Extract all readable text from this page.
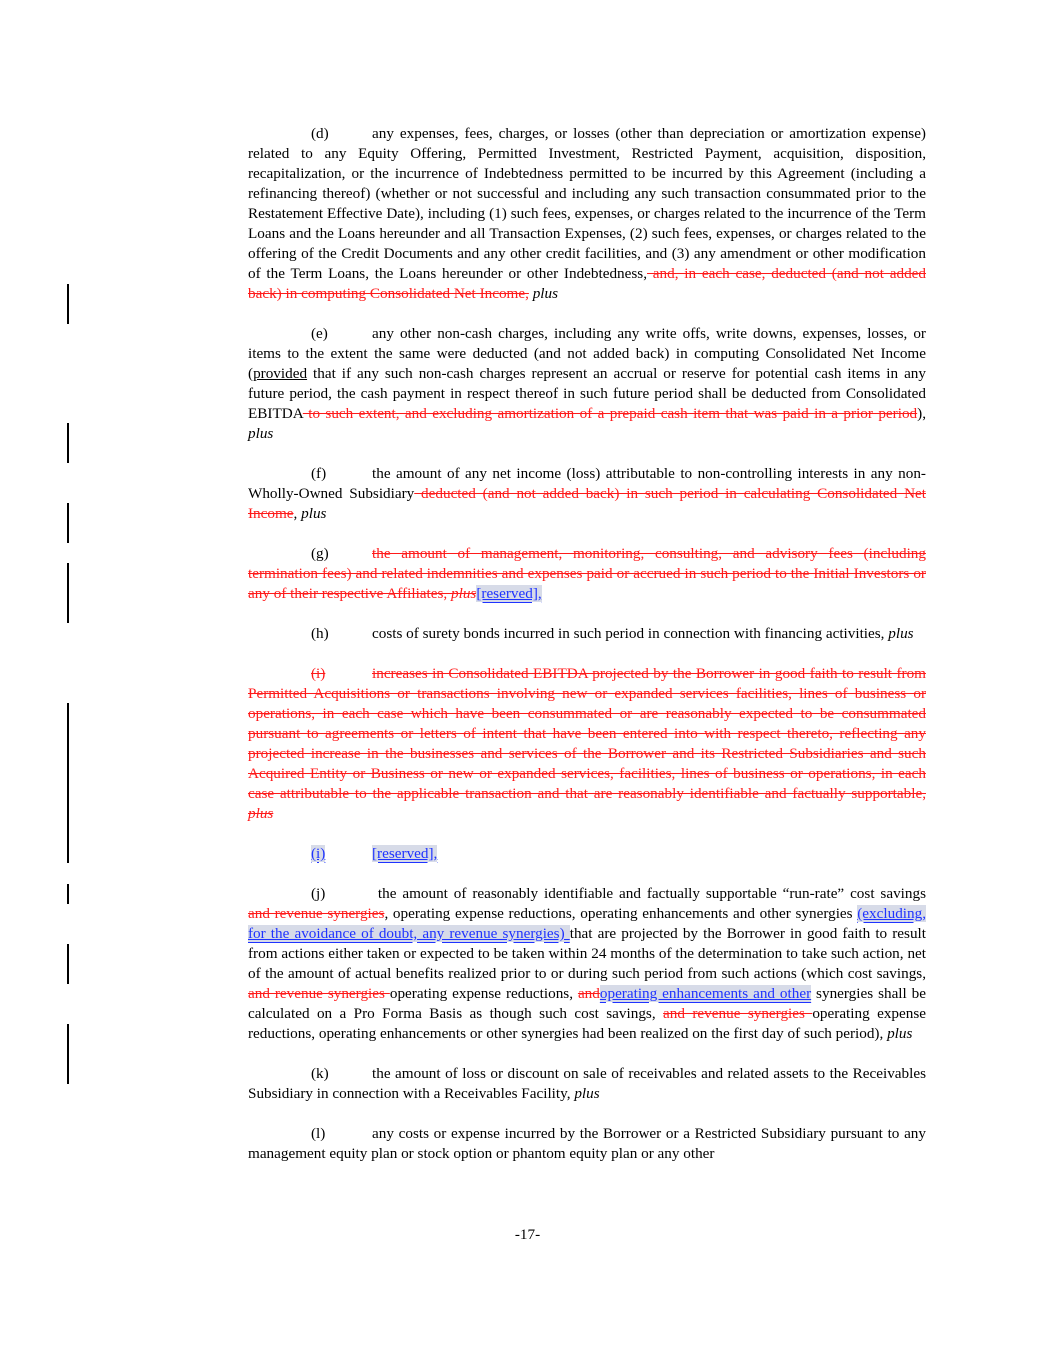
(d)	any expenses, fees, charges, or losses (other than depreciation or amortization expense) related to any Equity Offering, Permitted Investment, Restricted Payment, acquisition, disposition, recapitalization, or the incurrence of Indebtedness permitted to be incurred by this Agreement (including a refinancing thereof) (whether or not successful and including any such transaction consummated prior to the Restatement Effective Date), including (1) such fees, expenses, or charges related to the incurrence of the Term Loans and the Loans hereunder and all Transaction Expenses, (2) such fees, expenses, or charges related to the offering of the Credit Documents and any other credit facilities, and (3) any amendment or other modification of the Term Loans, the Loans hereunder or other Indebtedness, and, in each case, deducted (and not added back) in computing Consolidated Net Income, plus

(e)	any other non-cash charges, including any write offs, write downs, expenses, losses, or items to the extent the same were deducted (and not added back) in computing Consolidated Net Income (provided that if any such non-cash charges represent an accrual or reserve for potential cash items in any future period, the cash payment in respect thereof in such future period shall be deducted from Consolidated EBITDA to such extent, and excluding amortization of a prepaid cash item that was paid in a prior period), plus

(f)	the amount of any net income (loss) attributable to non-controlling interests in any non-Wholly-Owned Subsidiary deducted (and not added back) in such period in calculating Consolidated Net Income, plus

(g)	the amount of management, monitoring, consulting, and advisory fees (including termination fees) and related indemnities and expenses paid or accrued in such period to the Initial Investors or any of their respective Affiliates, plus[reserved],

(h)	costs of surety bonds incurred in such period in connection with financing activities, plus

(i)	increases in Consolidated EBITDA projected by the Borrower in good faith to result from Permitted Acquisitions or transactions involving new or expanded services facilities, lines of business or operations, in each case which have been consummated or are reasonably expected to be consummated pursuant to agreements or letters of intent that have been entered into with respect thereto, reflecting any projected increase in the businesses and services of the Borrower and its Restricted Subsidiaries and such Acquired Entity or Business or new or expanded services, facilities, lines of business or operations, in each case attributable to the applicable transaction and that are reasonably identifiable and factually supportable, plus

(i)	[reserved],

(j)	the amount of reasonably identifiable and factually supportable “run-rate” cost savings and revenue synergies, operating expense reductions, operating enhancements and other synergies (excluding, for the avoidance of doubt, any revenue synergies) that are projected by the Borrower in good faith to result from actions either taken or expected to be taken within 24 months of the determination to take such action, net of the amount of actual benefits realized prior to or during such period from such actions (which cost savings, and revenue synergies operating expense reductions, andoperating enhancements and other synergies shall be calculated on a Pro Forma Basis as though such cost savings, and revenue synergies operating expense reductions, operating enhancements or other synergies had been realized on the first day of such period), plus

(k)	the amount of loss or discount on sale of receivables and related assets to the Receivables Subsidiary in connection with a Receivables Facility, plus

(l)	any costs or expense incurred by the Borrower or a Restricted Subsidiary pursuant to any management equity plan or stock option or phantom equity plan or any other

-17-
